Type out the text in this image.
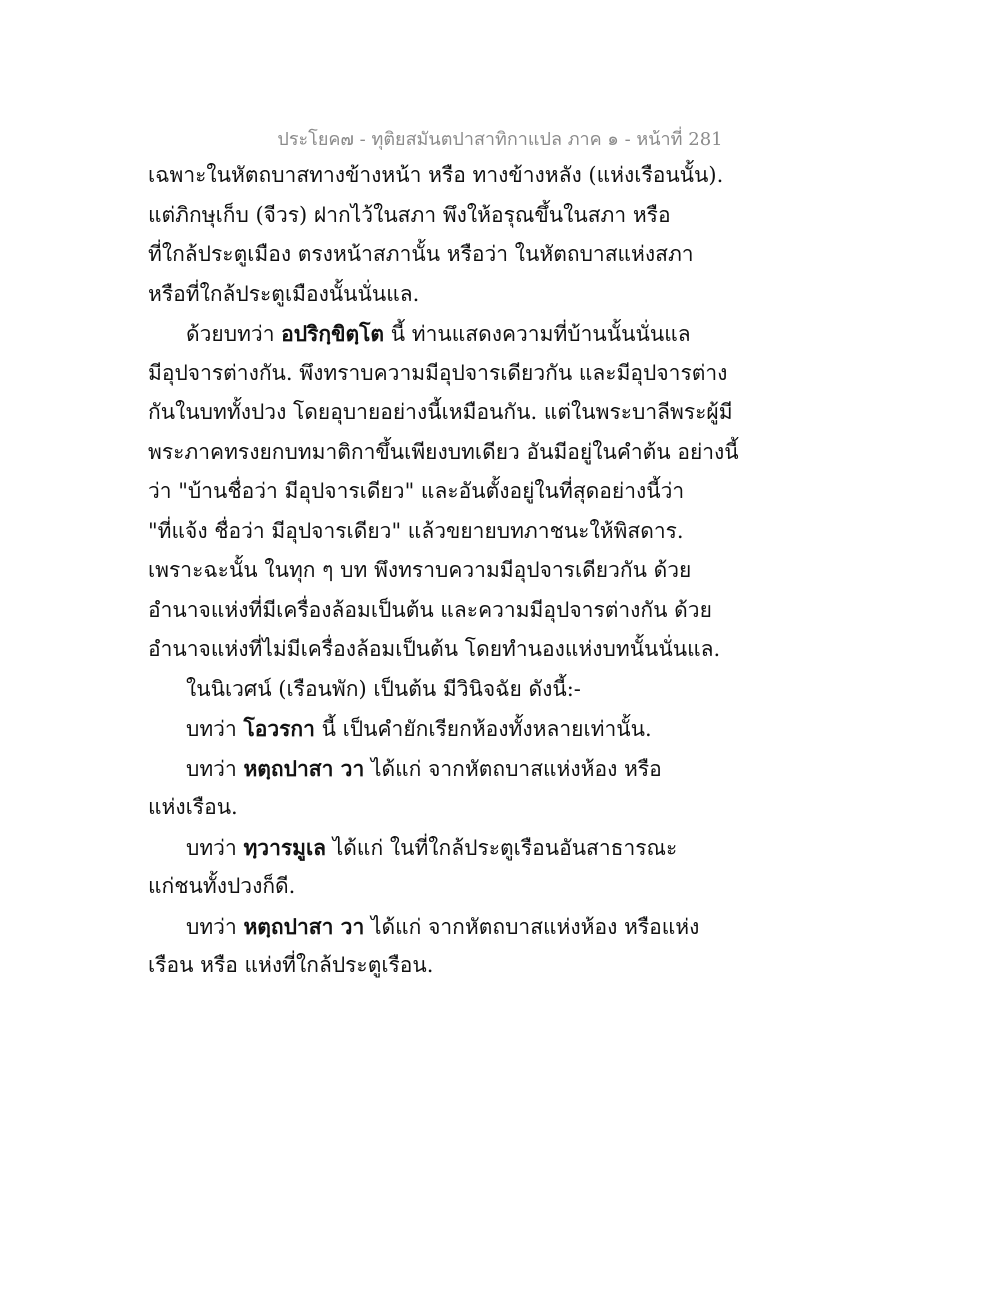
ประโยค๗ - ทุติยสมันตปาสาทิกาแปล ภาค ๑ - หน้าที่ 281
เฉพาะในหัตถบาสทางข้างหน้า หรือ ทางข้างหลัง (แห่งเรือนนั้น).
แต่ภิกษุเก็บ (จีวร) ฝากไว้ในสภา พึงให้อรุณขึ้นในสภา หรือ
ที่ใกล้ประตูเมือง ตรงหน้าสภานั้น หรือว่า ในหัตถบาสแห่งสภา
หรือที่ใกล้ประตูเมืองนั้นนั่นแล.
ด้วยบทว่า อปริกฺขิตฺโต นี้ ท่านแสดงความที่บ้านนั้นนั่นแล
มีอุปจารต่างกัน. พึงทราบความมีอุปจารเดียวกัน และมีอุปจารต่าง
กันในบททั้งปวง โดยอุบายอย่างนี้เหมือนกัน. แต่ในพระบาลีพระผู้มี
พระภาคทรงยกบทมาติกาขึ้นเพียงบทเดียว อันมีอยู่ในคำต้น อย่างนี้
ว่า "บ้านชื่อว่า มีอุปจารเดียว" และอันตั้งอยู่ในที่สุดอย่างนี้ว่า
"ที่แจ้ง ชื่อว่า มีอุปจารเดียว" แล้วขยายบทภาชนะให้พิสดาร.
เพราะฉะนั้น ในทุก ๆ บท พึงทราบความมีอุปจารเดียวกัน ด้วย
อำนาจแห่งที่มีเครื่องล้อมเป็นต้น และความมีอุปจารต่างกัน ด้วย
อำนาจแห่งที่ไม่มีเครื่องล้อมเป็นต้น โดยทำนองแห่งบทนั้นนั่นแล.
ในนิเวศน์ (เรือนพัก) เป็นต้น มีวินิจฉัย ดังนี้:-
บทว่า โอวรกา นี้ เป็นคำยักเรียกห้องทั้งหลายเท่านั้น.
บทว่า หตฺถปาสา วา ได้แก่ จากหัตถบาสแห่งห้อง หรือ
แห่งเรือน.
บทว่า ทฺวารมูเล ได้แก่ ในที่ใกล้ประตูเรือนอันสาธารณะ
แก่ชนทั้งปวงก็ดี.
บทว่า หตฺถปาสา วา ได้แก่ จากหัตถบาสแห่งห้อง หรือแห่ง
เรือน หรือ แห่งที่ใกล้ประตูเรือน.
